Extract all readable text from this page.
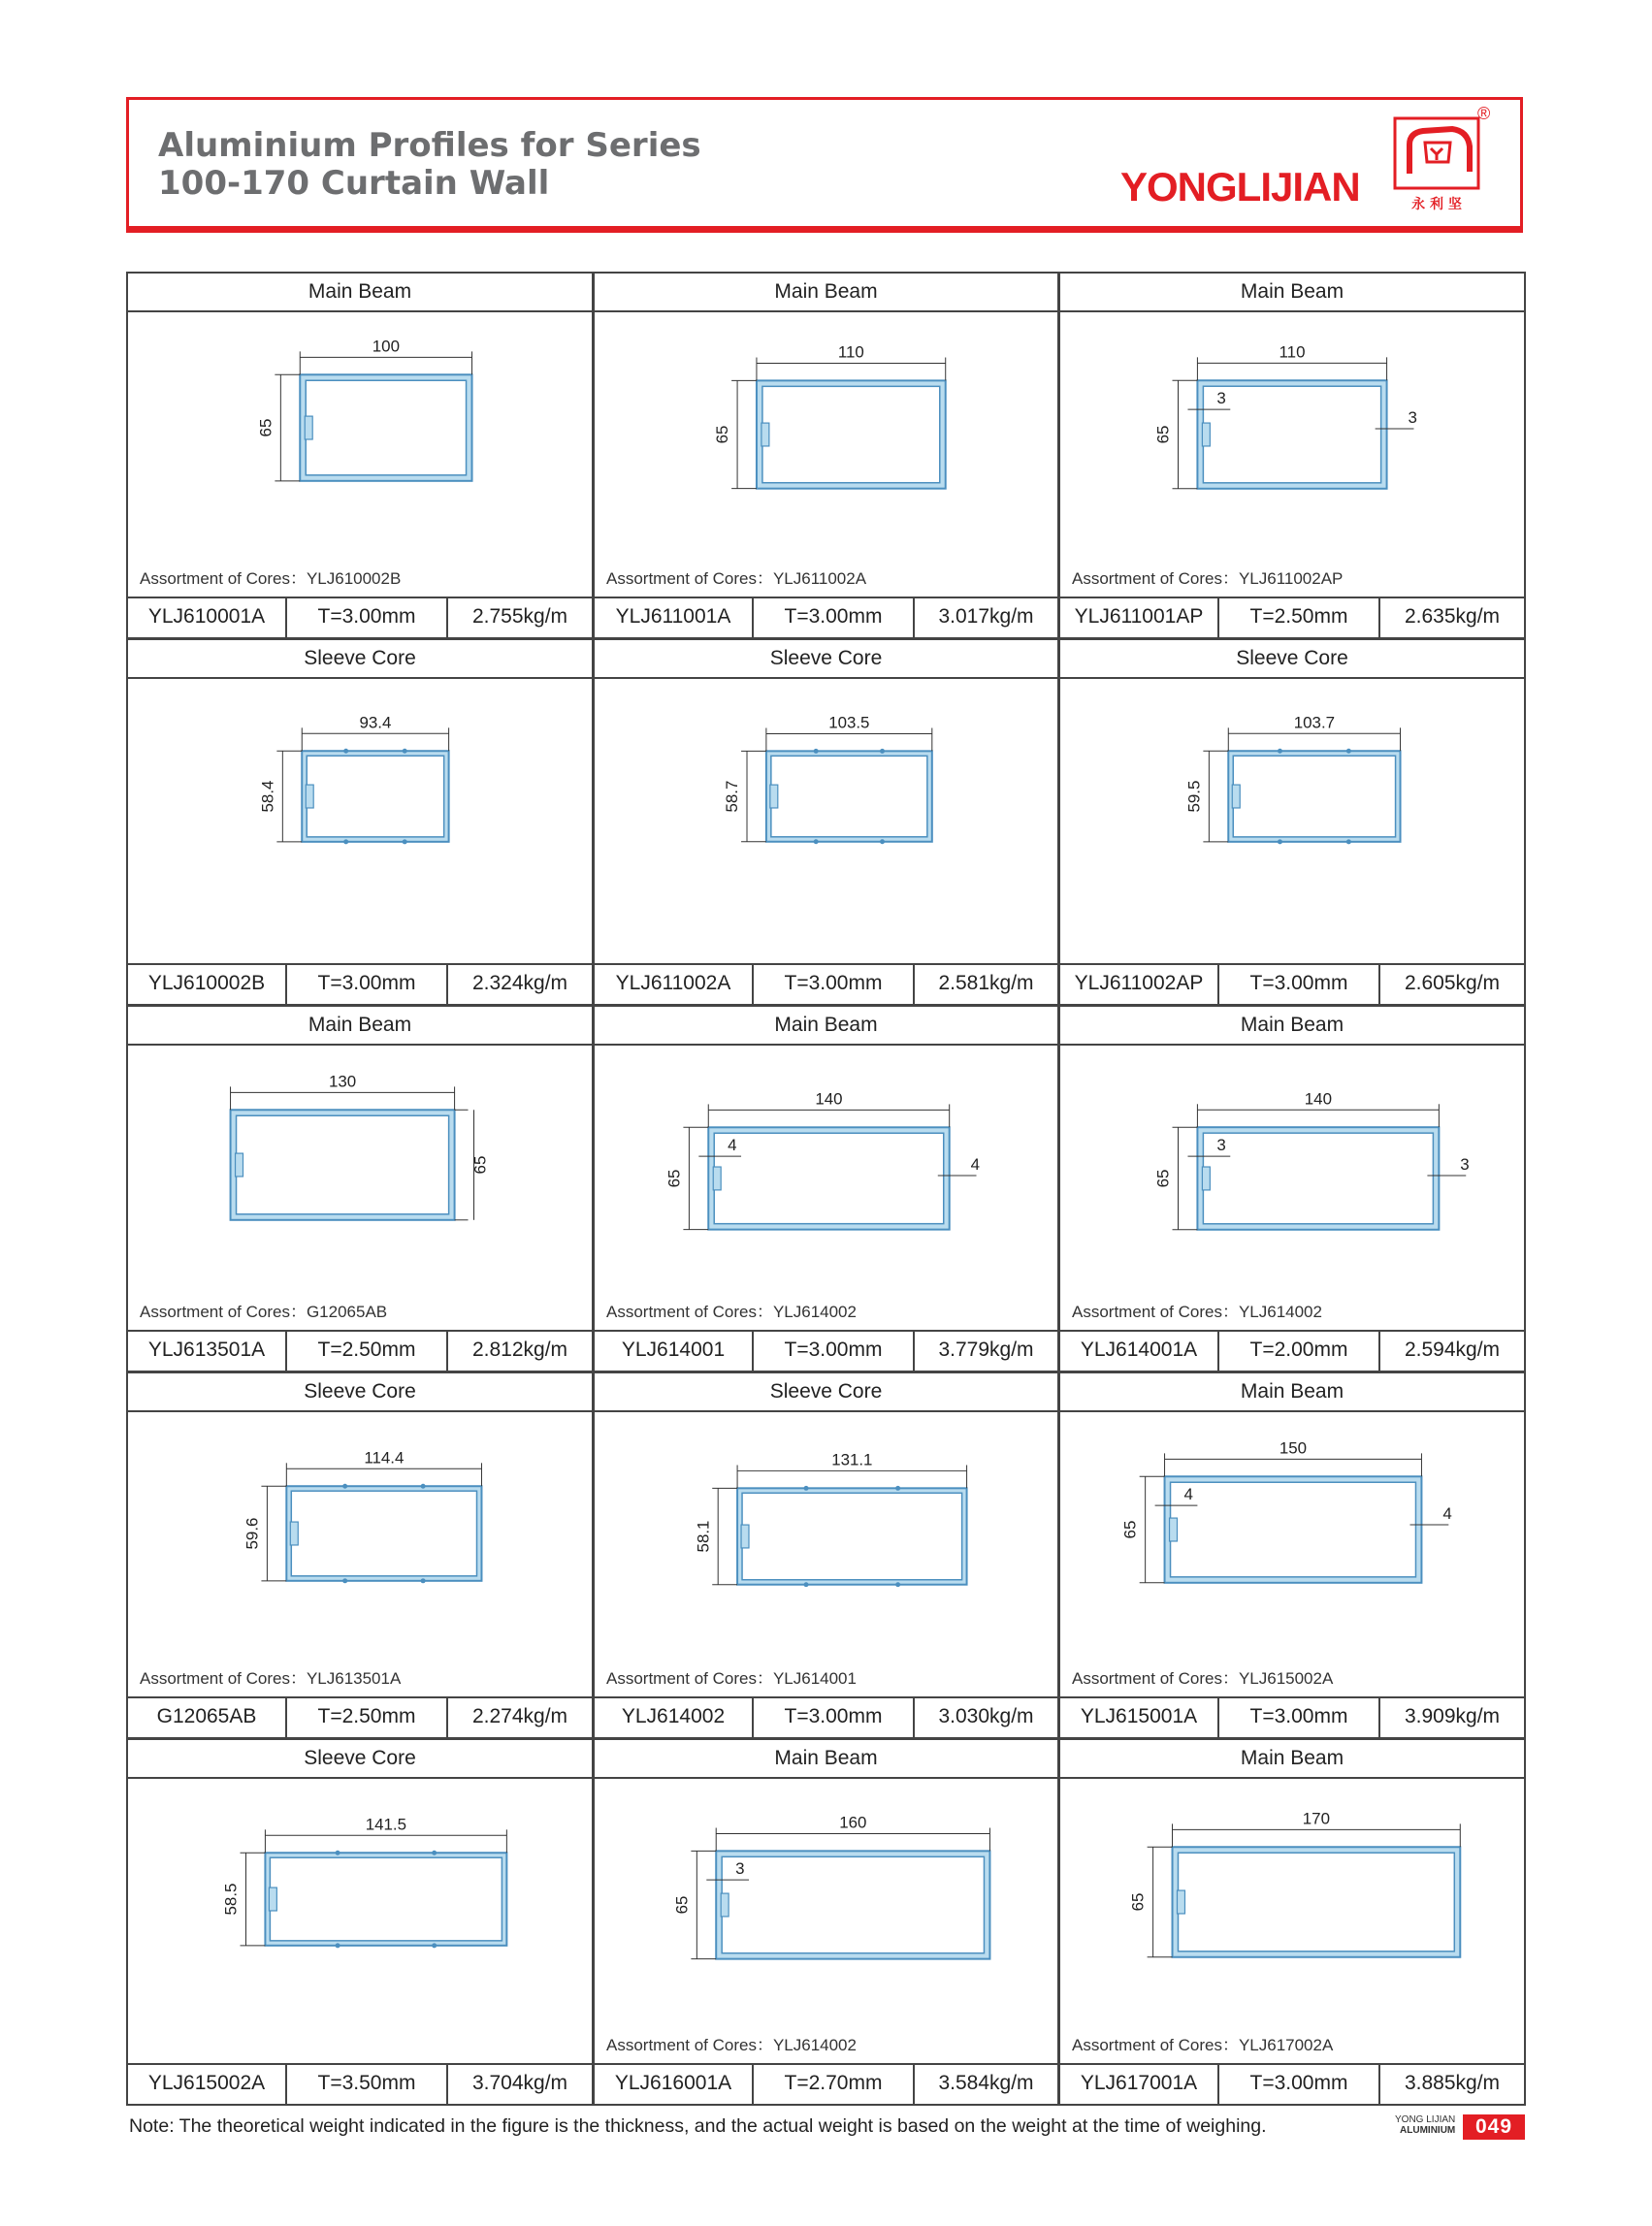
Aluminium Profiles for Series
100-170 Curtain Wall	YONGLIJIAN	永 利 坚
®
Main Beam
100
65
Assortment of Cores：YLJ610002B
YLJ610001A	T=3.00mm	2.755kg/m
Main Beam
110
65
Assortment of Cores：YLJ611002A
YLJ611001A	T=3.00mm	3.017kg/m
Main Beam
110
65
3
3
Assortment of Cores：YLJ611002AP
YLJ611001AP	T=2.50mm	2.635kg/m
Sleeve Core
93.4
58.4
YLJ610002B	T=3.00mm	2.324kg/m
Sleeve Core
103.5
58.7
YLJ611002A	T=3.00mm	2.581kg/m
Sleeve Core
103.7
59.5
YLJ611002AP	T=3.00mm	2.605kg/m
Main Beam
130
65
Assortment of Cores：G12065AB
YLJ613501A	T=2.50mm	2.812kg/m
Main Beam
140
65
4
4
Assortment of Cores：YLJ614002
YLJ614001	T=3.00mm	3.779kg/m
Main Beam
140
65
3
3
Assortment of Cores：YLJ614002
YLJ614001A	T=2.00mm	2.594kg/m
Sleeve Core
114.4
59.6
Assortment of Cores：YLJ613501A
G12065AB	T=2.50mm	2.274kg/m
Sleeve Core
131.1
58.1
Assortment of Cores：YLJ614001
YLJ614002	T=3.00mm	3.030kg/m
Main Beam
150
65
4
4
Assortment of Cores：YLJ615002A
YLJ615001A	T=3.00mm	3.909kg/m
Sleeve Core
141.5
58.5
YLJ615002A	T=3.50mm	3.704kg/m
Main Beam
160
65
3
Assortment of Cores：YLJ614002
YLJ616001A	T=2.70mm	3.584kg/m
Main Beam
170
65
Assortment of Cores：YLJ617002A
YLJ617001A	T=3.00mm	3.885kg/m
Note: The theoretical weight indicated in the figure is the thickness, and the actual weight is based on the weight at the time of weighing.	YONG LIJIAN
ALUMINIUM 049
